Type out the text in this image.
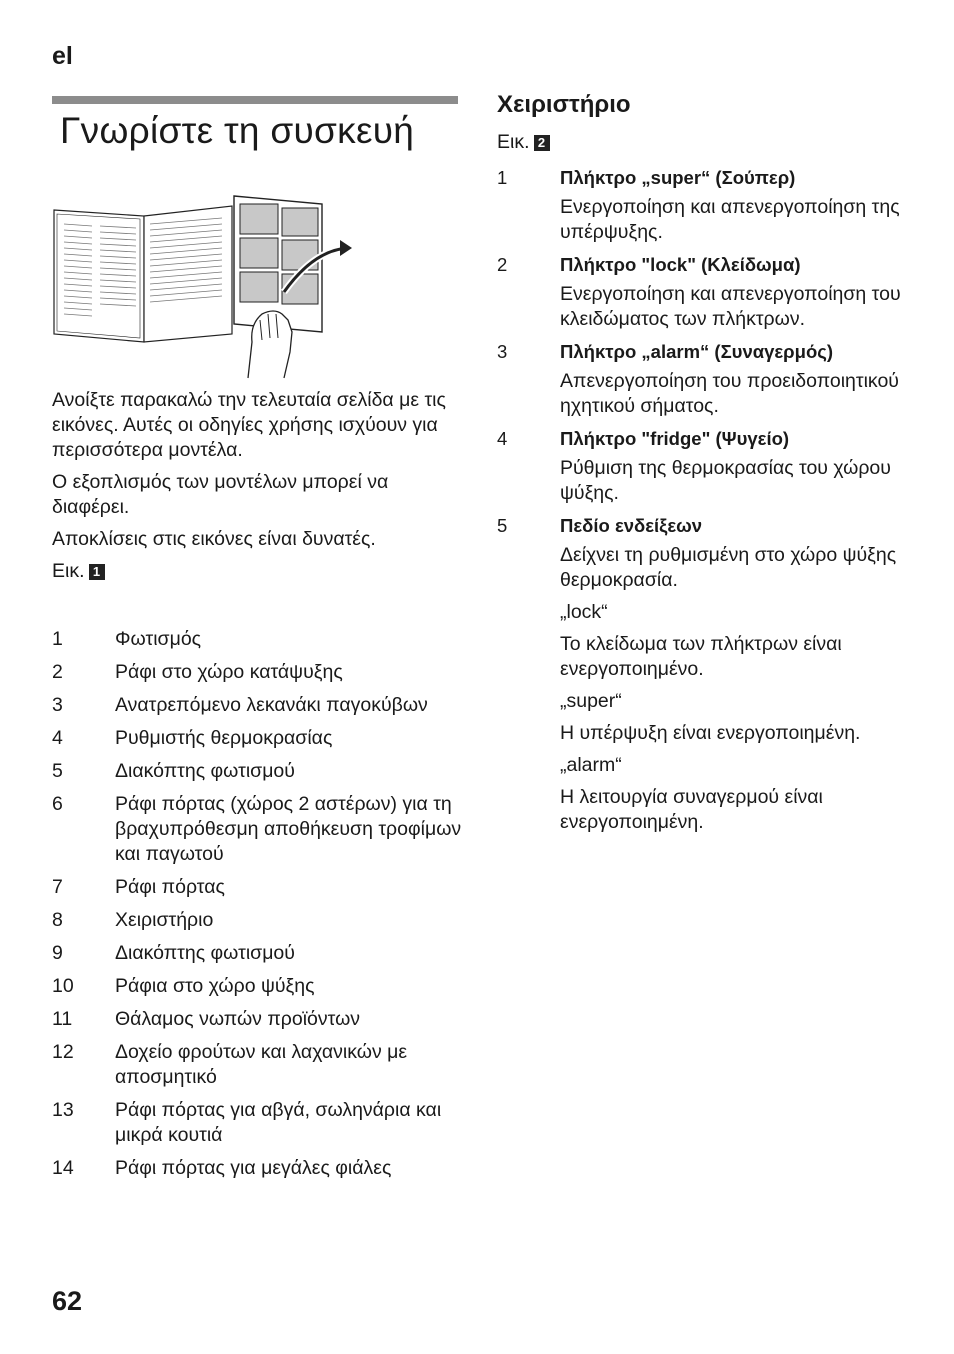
el
Γνωρίστε τη συσκευή

Ανοίξτε παρακαλώ την τελευταία σελίδα με τις εικόνες. Αυτές οι οδηγίες χρήσης ισχύουν για περισσότερα μοντέλα.

Ο εξοπλισμός των μοντέλων μπορεί να διαφέρει.

Αποκλίσεις στις εικόνες είναι δυνατές.

Εικ. 1

1	Φωτισμός
2	Ράφι στο χώρο κατάψυξης
3	Ανατρεπόμενο λεκανάκι παγοκύβων
4	Ρυθμιστής θερμοκρασίας
5	Διακόπτης φωτισμού
6	Ράφι πόρτας (χώρος 2 αστέρων) για τη βραχυπρόθεσμη αποθήκευση τροφίμων και παγωτού
7	Ράφι πόρτας
8	Χειριστήριο
9	Διακόπτης φωτισμού
10	Ράφια στο χώρο ψύξης
11	Θάλαμος νωπών προϊόντων
12	Δοχείο φρούτων και λαχανικών με αποσμητικό
13	Ράφι πόρτας για αβγά, σωληνάρια και μικρά κουτιά
14	Ράφι πόρτας για μεγάλες φιάλες
Χειριστήριο

Εικ. 2

1	Πλήκτρο „super“ (Σούπερ)
Ενεργοποίηση και απενεργοποίηση της υπέρψυξης.
2	Πλήκτρο "lock" (Κλείδωμα)
Ενεργοποίηση και απενεργοποίηση του κλειδώματος των πλήκτρων.
3	Πλήκτρο „alarm“ (Συναγερμός)
Απενεργοποίηση του προειδοποιητικού ηχητικού σήματος.
4	Πλήκτρο "fridge" (Ψυγείο)
Ρύθμιση της θερμοκρασίας του χώρου ψύξης.
5	Πεδίο ενδείξεων
Δείχνει τη ρυθμισμένη στο χώρο ψύξης θερμοκρασία.
„lock“
Το κλείδωμα των πλήκτρων είναι ενεργοποιημένο.
„super“
Η υπέρψυξη είναι ενεργοποιημένη.
„alarm“
Η λειτουργία συναγερμού είναι ενεργοποιημένη.
62
